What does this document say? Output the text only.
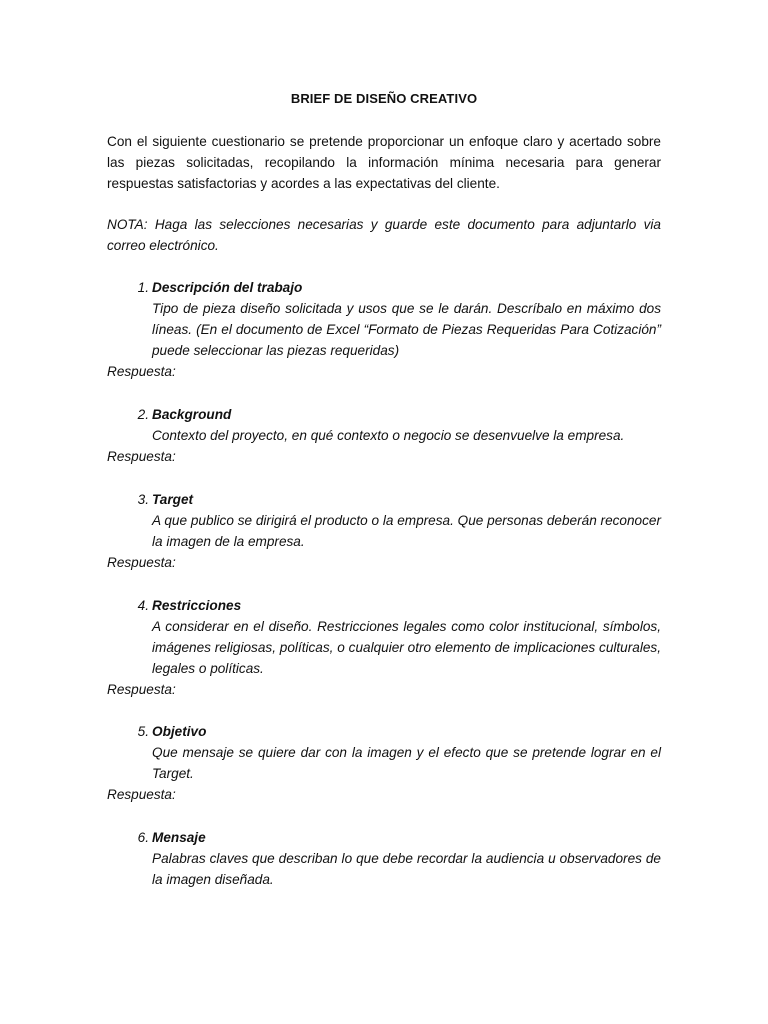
BRIEF DE DISEÑO CREATIVO
Con el siguiente cuestionario se pretende proporcionar un enfoque claro y acertado sobre las piezas solicitadas, recopilando la información mínima necesaria para generar respuestas satisfactorias y acordes a las expectativas del cliente.
NOTA: Haga las selecciones necesarias y guarde este documento para adjuntarlo via correo electrónico.
1. Descripción del trabajo
Tipo de pieza diseño solicitada y usos que se le darán. Descríbalo en máximo dos líneas. (En el documento de Excel “Formato de Piezas Requeridas Para Cotización” puede seleccionar las piezas requeridas)
Respuesta:
2. Background
Contexto del proyecto, en qué contexto o negocio se desenvuelve la empresa.
Respuesta:
3. Target
A que publico se dirigirá el producto o la empresa. Que personas deberán reconocer la imagen de la empresa.
Respuesta:
4. Restricciones
A considerar en el diseño. Restricciones legales como color institucional, símbolos, imágenes religiosas, políticas, o cualquier otro elemento de implicaciones culturales, legales o políticas.
Respuesta:
5. Objetivo
Que mensaje se quiere dar con la imagen y el efecto que se pretende lograr en el Target.
Respuesta:
6. Mensaje
Palabras claves que describan lo que debe recordar la audiencia u observadores de la imagen diseñada.
